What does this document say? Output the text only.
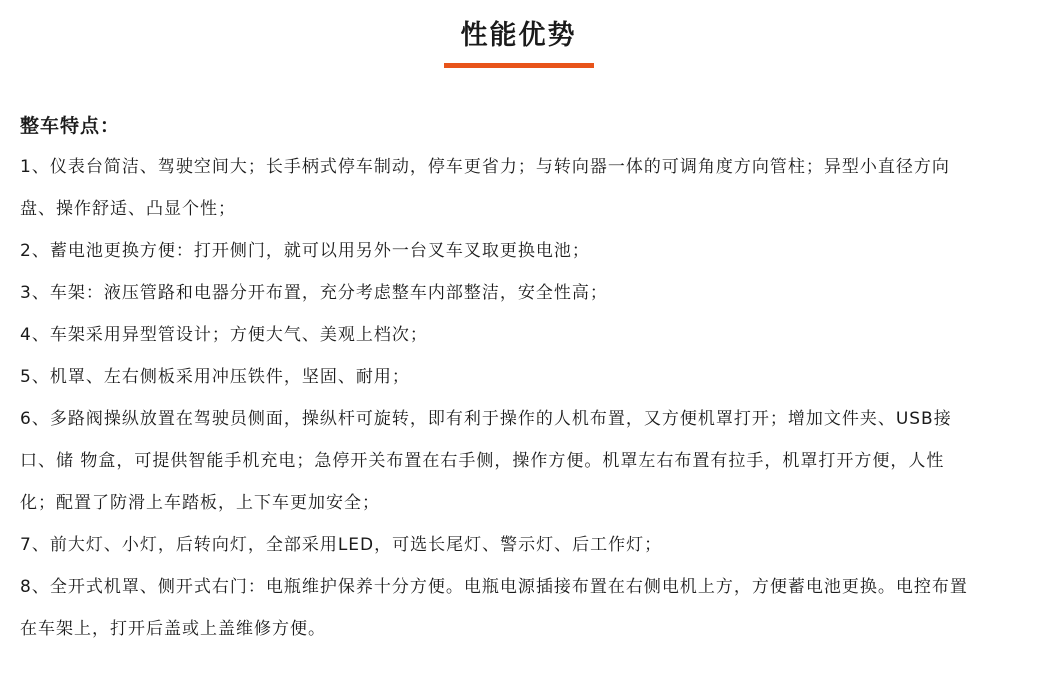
性能优势

整车特点：

1、仪表台简洁、驾驶空间大；长手柄式停车制动，停车更省力；与转向器一体的可调角度方向管柱；异型小直径方向盘、操作舒适、凸显个性；

2、蓄电池更换方便：打开侧门，就可以用另外一台叉车叉取更换电池；

3、车架：液压管路和电器分开布置，充分考虑整车内部整洁，安全性高；

4、车架采用异型管设计；方便大气、美观上档次；

5、机罩、左右侧板采用冲压铁件，坚固、耐用；

6、多路阀操纵放置在驾驶员侧面，操纵杆可旋转，即有利于操作的人机布置，又方便机罩打开；增加文件夹、USB接口、储 物盒，可提供智能手机充电；急停开关布置在右手侧，操作方便。机罩左右布置有拉手，机罩打开方便，人性化；配置了防滑上车踏板，上下车更加安全；

7、前大灯、小灯，后转向灯，全部采用LED，可选长尾灯、警示灯、后工作灯；

8、全开式机罩、侧开式右门：电瓶维护保养十分方便。电瓶电源插接布置在右侧电机上方，方便蓄电池更换。电控布置在车架上，打开后盖或上盖维修方便。
